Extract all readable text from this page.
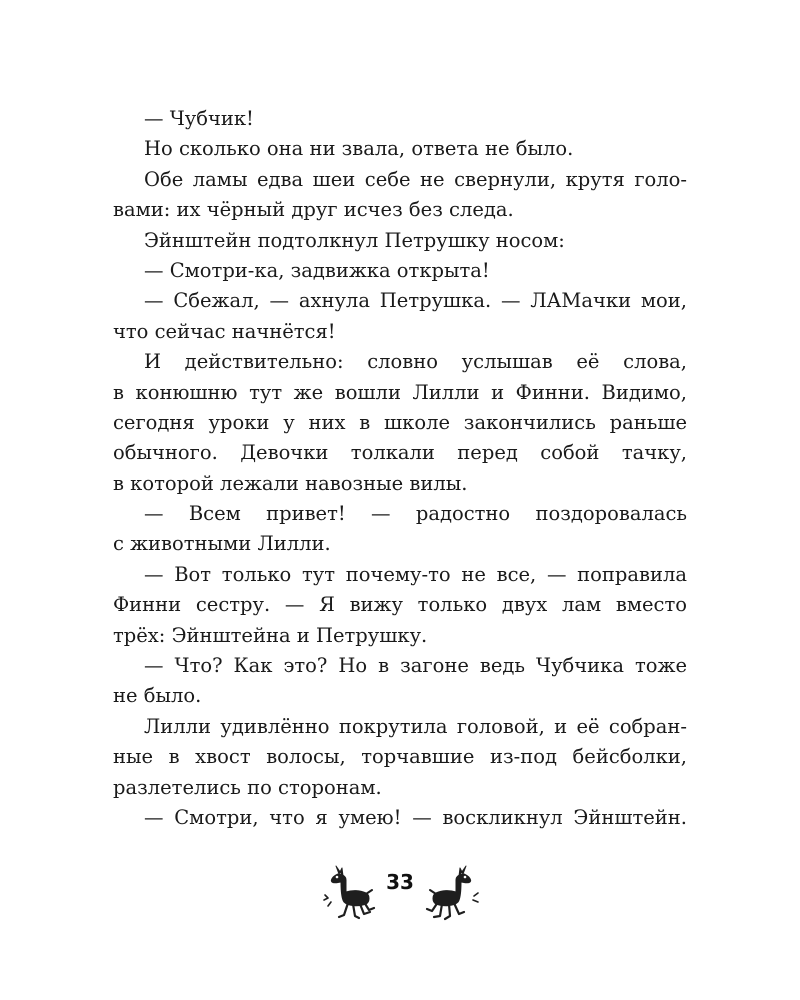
— Чубчик!
Но сколько она ни звала, ответа не было.
Обе ламы едва шеи себе не свернули, крутя голо-
вами: их чёрный друг исчез без следа.
Эйнштейн подтолкнул Петрушку носом:
— Смотри-ка, задвижка открыта!
— Сбежал, — ахнула Петрушка. — ЛАМачки мои,
что сейчас начнётся!
И действительно: словно услышав её слова,
в конюшню тут же вошли Лилли и Финни. Видимо,
сегодня уроки у них в школе закончились раньше
обычного. Девочки толкали перед собой тачку,
в которой лежали навозные вилы.
— Всем привет! — радостно поздоровалась
с животными Лилли.
— Вот только тут почему-то не все, — поправила
Финни сестру. — Я вижу только двух лам вместо
трёх: Эйнштейна и Петрушку.
— Что? Как это? Но в загоне ведь Чубчика тоже
не было.
Лилли удивлённо покрутила головой, и её собран-
ные в хвост волосы, торчавшие из-под бейсболки,
разлетелись по сторонам.
— Смотри, что я умею! — воскликнул Эйнштейн.
33
